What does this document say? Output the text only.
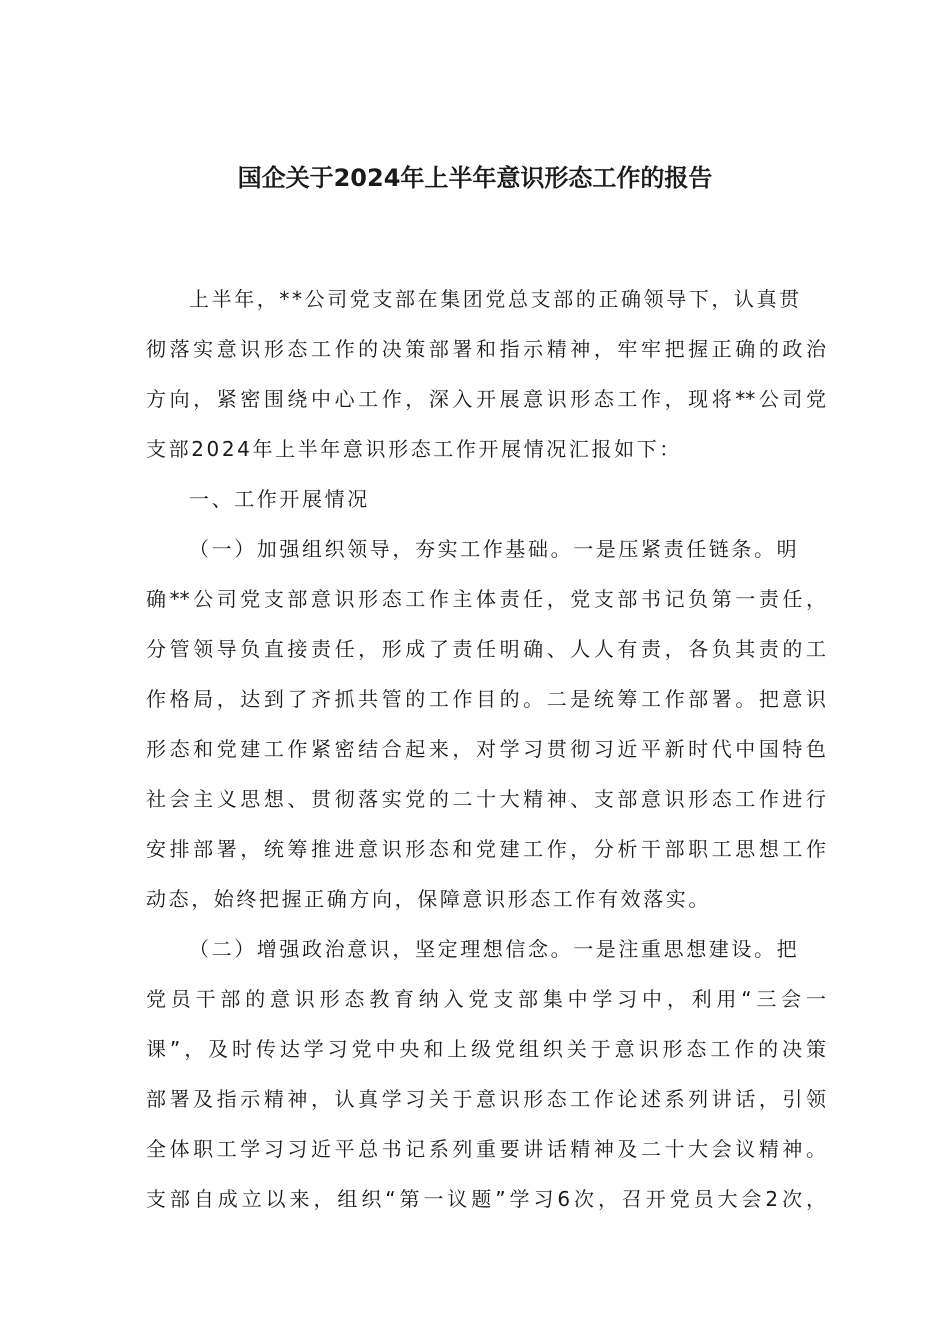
国企关于2024年上半年意识形态工作的报告
上半年，**公司党支部在集团党总支部的正确领导下，认真贯
彻落实意识形态工作的决策部署和指示精神，牢牢把握正确的政治
方向，紧密围绕中心工作，深入开展意识形态工作，现将**公司党
支部2024年上半年意识形态工作开展情况汇报如下：
一、工作开展情况
（一）加强组织领导，夯实工作基础。一是压紧责任链条。明
确**公司党支部意识形态工作主体责任，党支部书记负第一责任，
分管领导负直接责任，形成了责任明确、人人有责，各负其责的工
作格局，达到了齐抓共管的工作目的。二是统筹工作部署。把意识
形态和党建工作紧密结合起来，对学习贯彻习近平新时代中国特色
社会主义思想、贯彻落实党的二十大精神、支部意识形态工作进行
安排部署，统筹推进意识形态和党建工作，分析干部职工思想工作
动态，始终把握正确方向，保障意识形态工作有效落实。
（二）增强政治意识，坚定理想信念。一是注重思想建设。把
党员干部的意识形态教育纳入党支部集中学习中，利用“三会一
课”，及时传达学习党中央和上级党组织关于意识形态工作的决策
部署及指示精神，认真学习关于意识形态工作论述系列讲话，引领
全体职工学习习近平总书记系列重要讲话精神及二十大会议精神。
支部自成立以来，组织“第一议题”学习6次，召开党员大会2次，
